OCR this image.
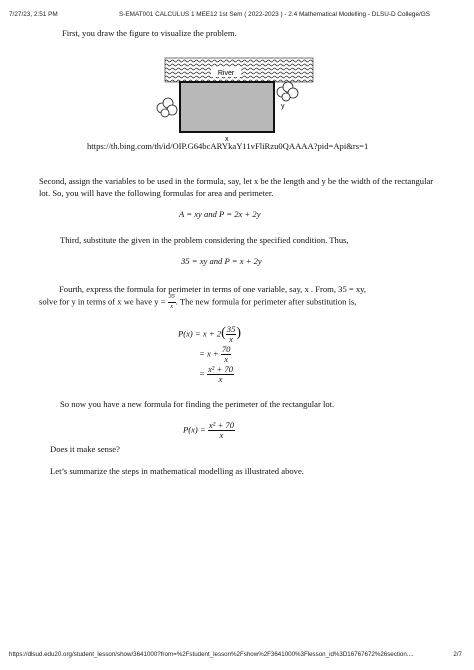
7/27/23, 2:51 PM	S-EMAT001 CALCULUS 1 MEE12 1st Sem ( 2022-2023 ) - 2.4 Mathematical Modelling - DLSU-D College/GS

First, you draw the figure to visualize the problem.

River
y
x

https://th.bing.com/th/id/OIP.G64bcARYkaY11vFliRzu0QAAAA?pid=Api&rs=1

Second, assign the variables to be used in the formula, say, let x be the length and y be the width of the rectangular lot. So, you will have the following formulas for area and perimeter.

A = xy and P = 2x + 2y

Third, substitute the given in the problem considering the specified condition. Thus,

35 = xy and P = x + 2y

Fourth, express the formula for perimeter in terms of one variable, say, x . From, 35 = xy,

solve for y in terms of x we have $y = \frac{35}{x}$ . The new formula for perimeter after substitution is,
$P(x) = x + 2( \frac{35}{x}$ )
= $x + \frac{70}{x}$
= $\frac{\text{x² + 70}}{x}$

So now you have a new formula for finding the perimeter of the rectangular lot.

$P(x) = \frac{\text{x² + 70}}{x}$

Does it make sense?

Let’s summarize the steps in mathematical modelling as illustrated above.

https://dlsud.edu20.org/student_lesson/show/3641000?from=%2Fstudent_lesson%2Fshow%2F3641000%3Flesson_id%3D16767672%26section....	2/7
